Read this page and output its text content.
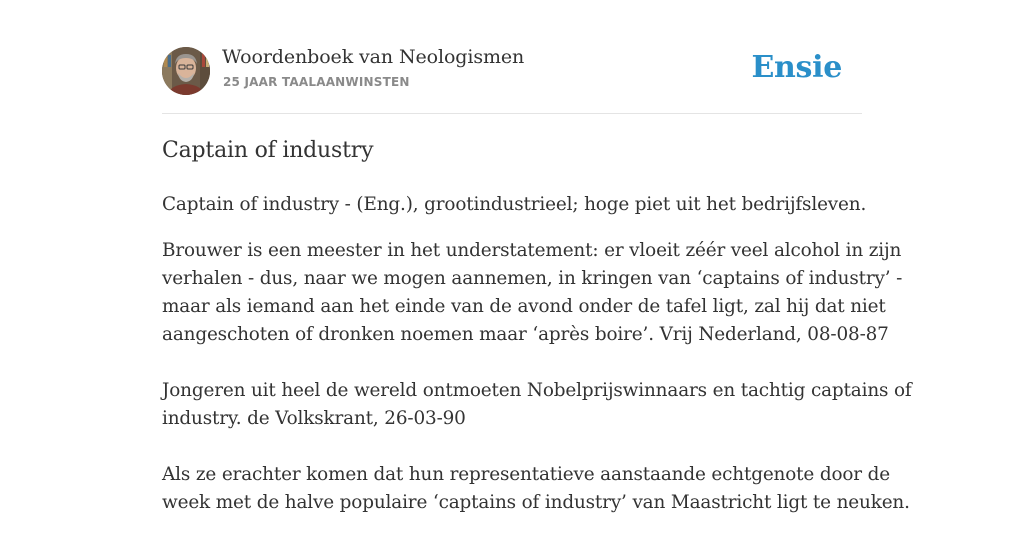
Woordenboek van Neologismen
25 JAAR TAALAANWINSTEN	Ensie
Captain of industry

Captain of industry - (Eng.), grootindustrieel; hoge piet uit het bedrijfsleven.

Brouwer is een meester in het understatement: er vloeit zéér veel alcohol in zijn
verhalen - dus, naar we mogen aannemen, in kringen van ‘captains of industry’ -
maar als iemand aan het einde van de avond onder de tafel ligt, zal hij dat niet
aangeschoten of dronken noemen maar ‘après boire’. Vrij Nederland, 08-08-87

Jongeren uit heel de wereld ontmoeten Nobelprijswinnaars en tachtig captains of
industry. de Volkskrant, 26-03-90

Als ze erachter komen dat hun representatieve aanstaande echtgenote door de
week met de halve populaire ‘captains of industry’ van Maastricht ligt te neuken.
